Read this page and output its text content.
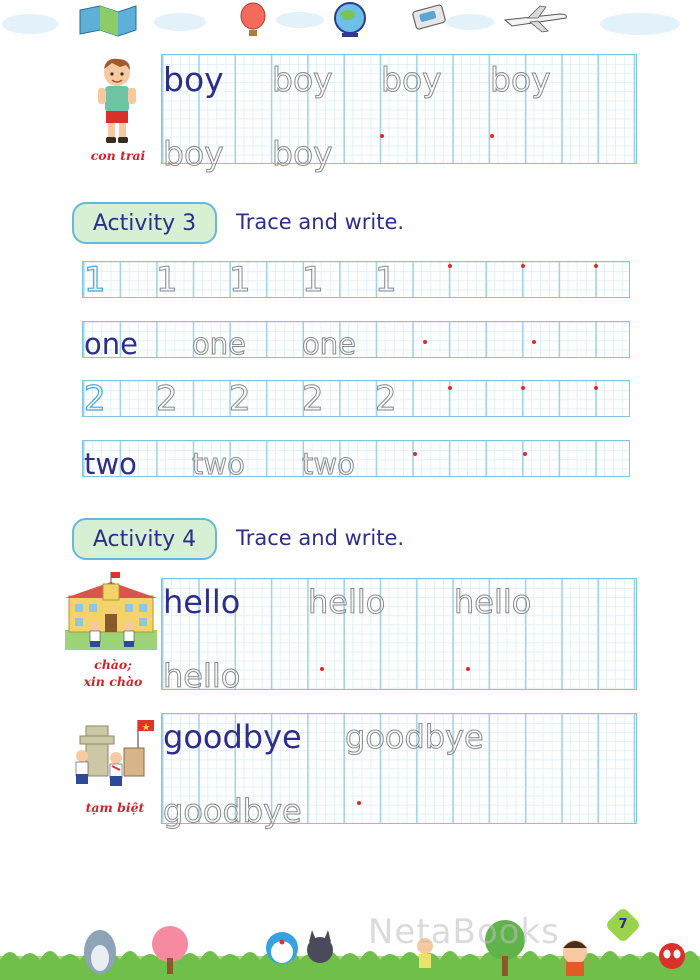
con trai
boy boy boy boy
boy boy
Activity 3	Trace and write.
1 1 1 1 1
one one one
2 2 2 2 2
two two two
Activity 4	Trace and write.
chào;
xin chào
hello hello hello
hello
tạm biệt
goodbye goodbye
goodbye
NetaBooks	7
